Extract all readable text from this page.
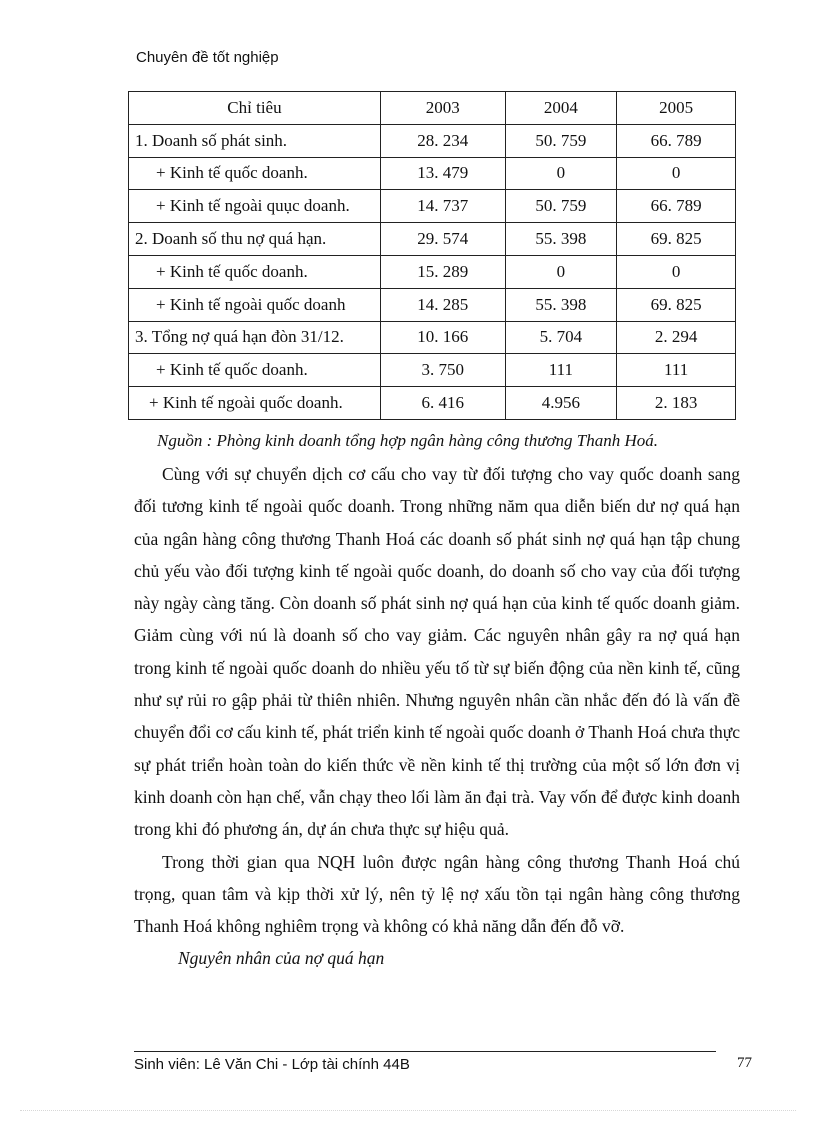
Chuyên đề tốt nghiệp
Chỉ tiêu	2003	2004	2005
1. Doanh số phát sinh.	28. 234	50. 759	66. 789
+ Kinh tế quốc doanh.	13. 479	0	0
+ Kinh tế ngoài quục doanh.	14. 737	50. 759	66. 789
2. Doanh số thu nợ quá hạn.	29. 574	55. 398	69. 825
+ Kinh tế quốc doanh.	15. 289	0	0
+ Kinh tế ngoài quốc doanh	14. 285	55. 398	69. 825
3. Tổng nợ quá hạn đòn 31/12.	10. 166	5. 704	2. 294
+ Kinh tế quốc doanh.	3. 750	111	111
+ Kinh tế ngoài quốc doanh.	6. 416	4.956	2. 183
Nguồn : Phòng kinh doanh tổng hợp ngân hàng công thương Thanh Hoá.

Cùng với sự chuyển dịch cơ cấu cho vay từ đối tượng cho vay quốc doanh sang đối tương kinh tế ngoài quốc doanh. Trong những năm qua diễn biến dư nợ quá hạn của ngân hàng công thương Thanh Hoá các doanh số phát sinh nợ quá hạn tập chung chủ yếu vào đối tượng kinh tế ngoài quốc doanh, do doanh số cho vay của đối tượng này ngày càng tăng. Còn doanh số phát sinh nợ quá hạn của kinh tế quốc doanh giảm. Giảm cùng với nú là doanh số cho vay giảm. Các nguyên nhân gây ra nợ quá hạn trong kinh tế ngoài quốc doanh do nhiều yếu tố từ sự biến động của nền kinh tế, cũng như sự rủi ro gập phải từ thiên nhiên. Nhưng nguyên nhân cần nhắc đến đó là vấn đề chuyển đổi cơ cấu kinh tế, phát triển kinh tế ngoài quốc doanh ở Thanh Hoá chưa thực sự phát triển hoàn toàn do kiến thức về nền kinh tế thị trường của một số lớn đơn vị kinh doanh còn hạn chế, vẫn chạy theo lối làm ăn đại trà. Vay vốn để được kinh doanh trong khi đó phương án, dự án chưa thực sự hiệu quả.

Trong thời gian qua NQH luôn được ngân hàng công thương Thanh Hoá chú trọng, quan tâm và kịp thời xử lý, nên tỷ lệ nợ xấu tồn tại ngân hàng công thương Thanh Hoá không nghiêm trọng và không có khả năng dẫn đến đỗ vỡ.

Nguyên nhân của nợ quá hạn

Sinh viên: Lê Văn Chi - Lớp tài chính 44B	77
